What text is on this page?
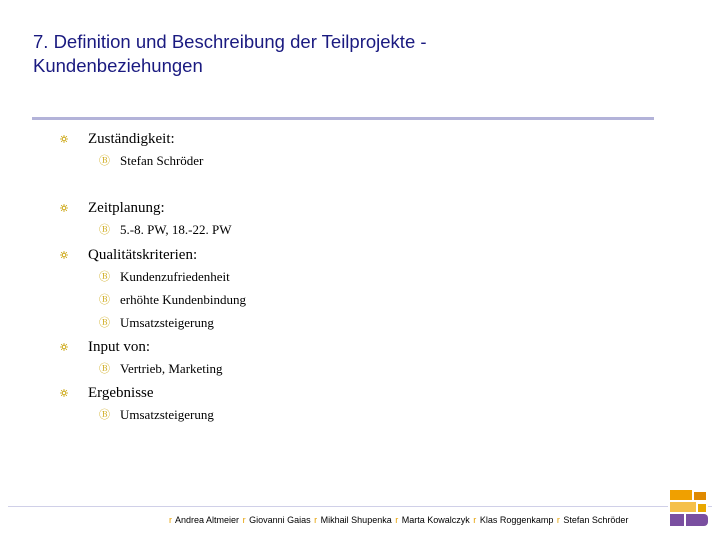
7. Definition und Beschreibung der Teilprojekte -
Kundenbeziehungen
Zuständigkeit:
Ⓑ Stefan Schröder
Zeitplanung:
Ⓑ 5.-8. PW, 18.-22. PW
Qualitätskriterien:
Ⓑ Kundenzufriedenheit
Ⓑ erhöhte Kundenbindung
Ⓑ Umsatzsteigerung
Input von:
Ⓑ Vertrieb, Marketing
Ergebnisse
Ⓑ Umsatzsteigerung
r Andrea Altmeier r Giovanni Gaias r Mikhail Shupenka r Marta Kowalczyk r Klas Roggenkamp r Stefan Schröder
